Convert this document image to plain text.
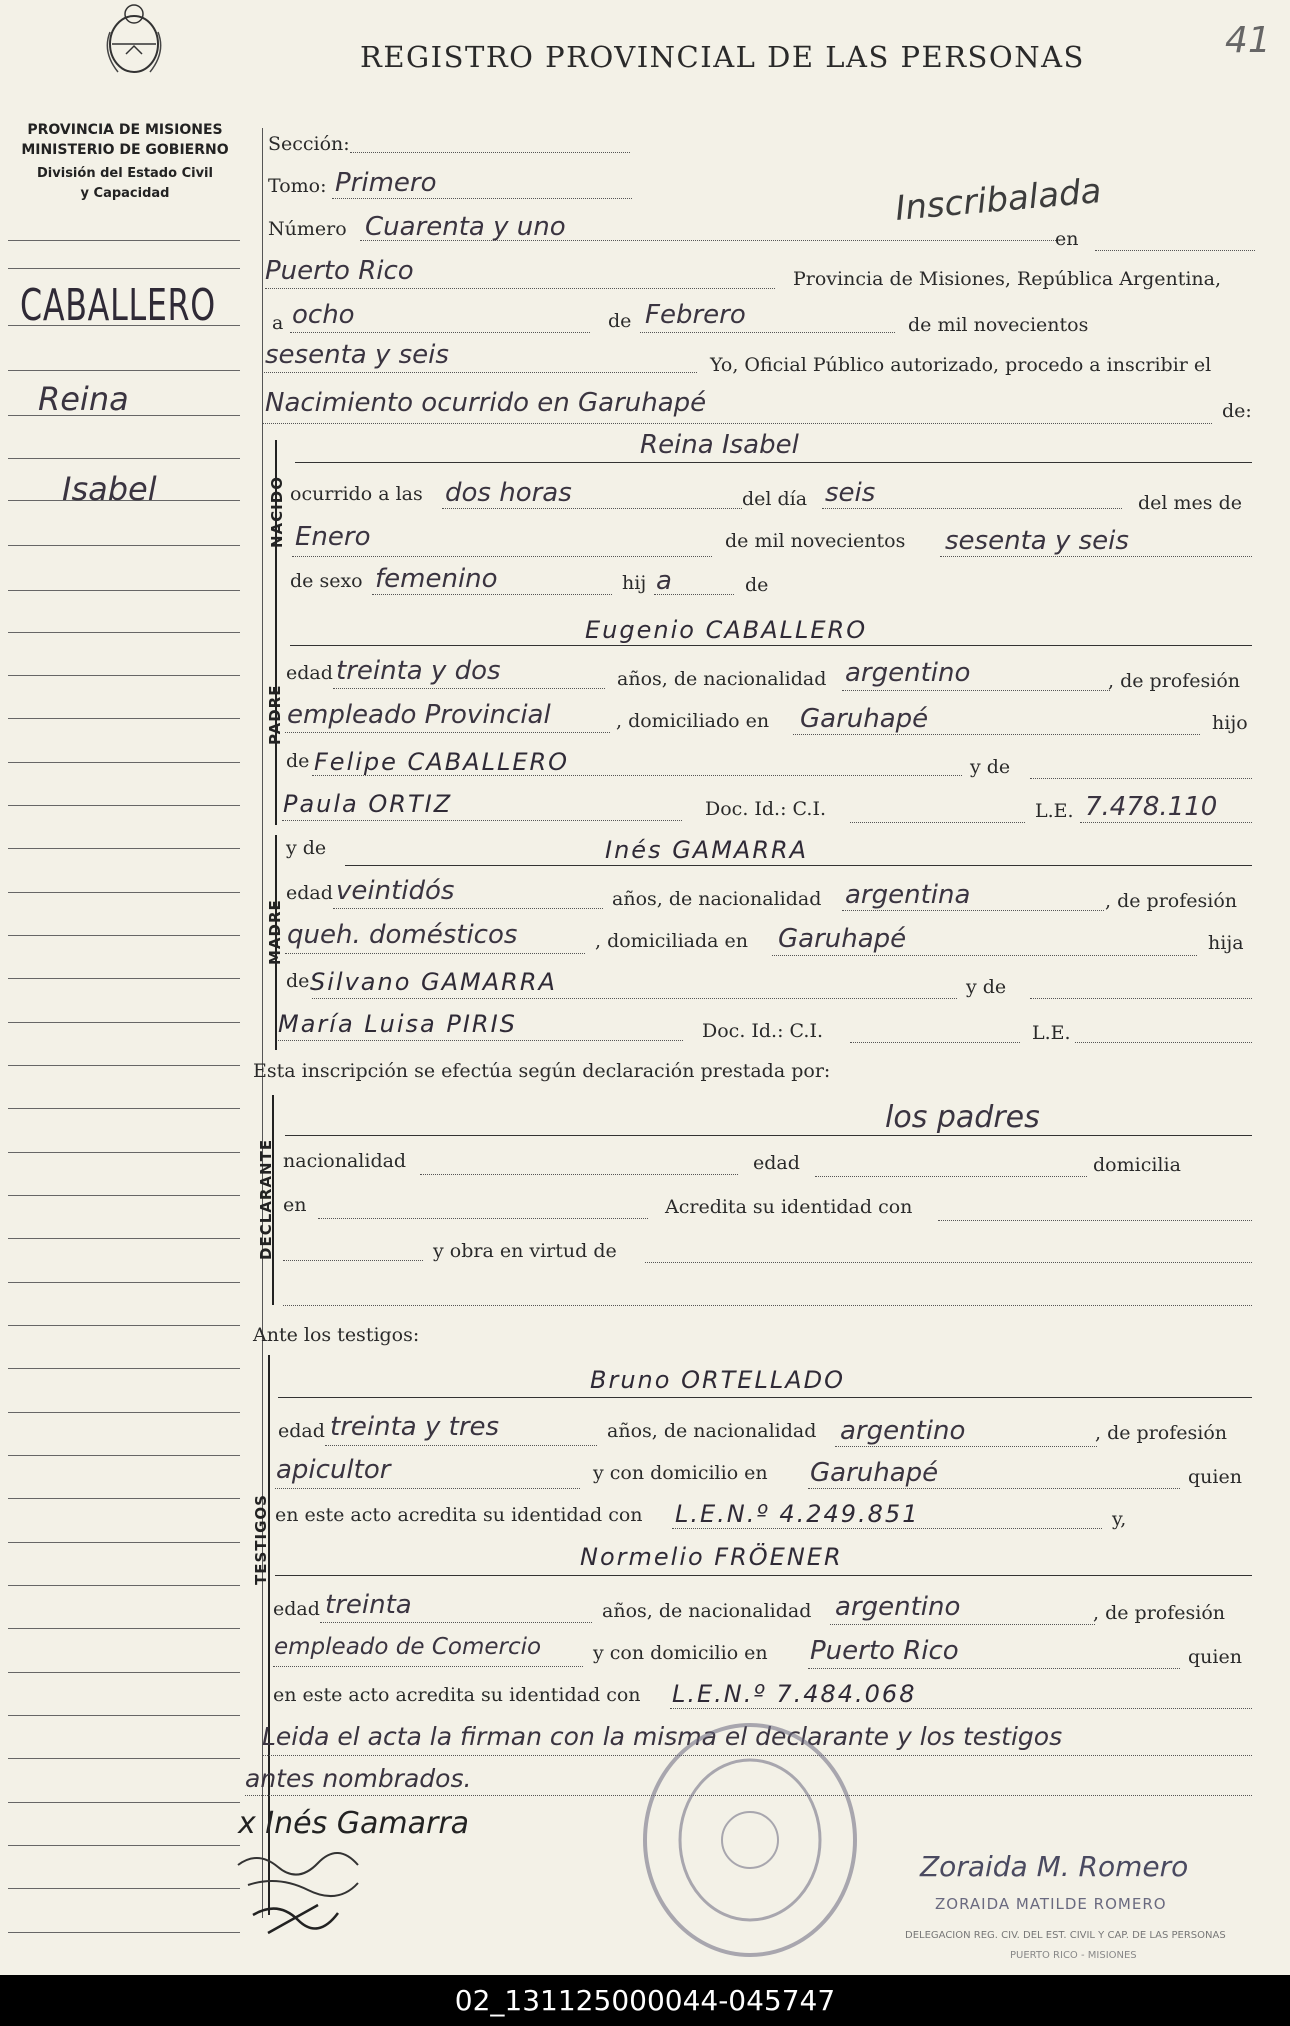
REGISTRO PROVINCIAL DE LAS PERSONAS	41
PROVINCIA DE MISIONES
MINISTERIO DE GOBIERNO
División del Estado Civil
y Capacidad
CABALLERO
Reina
Isabel
Sección:
Tomo: Primero
Número Cuarenta y uno	Inscribalada
en
Puerto Rico	Provincia de Misiones, República Argentina,
a ocho	de Febrero	de mil novecientos
sesenta y seis	Yo, Oficial Público autorizado, procedo a inscribir el
Nacimiento ocurrido en Garuhapé	de:
NACIDO
Reina Isabel
ocurrido a las dos horas	del día seis	del mes de
Enero	de mil novecientos sesenta y seis
de sexo femenino	hij a	de
PADRE
Eugenio CABALLERO
edad treinta y dos	años, de nacionalidad argentino	, de profesión
empleado Provincial	, domiciliado en Garuhapé	hijo
de Felipe CABALLERO	y de
Paula ORTIZ	Doc. Id.: C.I.	L.E. 7.478.110
MADRE
y de	Inés GAMARRA
edad veintidós	años, de nacionalidad argentina	, de profesión
queh. domésticos	, domiciliada en Garuhapé	hija
de Silvano GAMARRA	y de
María Luisa PIRIS	Doc. Id.: C.I.	L.E.
Esta inscripción se efectúa según declaración prestada por:
DECLARANTE
los padres
nacionalidad	edad	domicilia
en	Acredita su identidad con
y obra en virtud de
Ante los testigos:
TESTIGOS
Bruno ORTELLADO
edad treinta y tres	años, de nacionalidad argentino	, de profesión
apicultor	y con domicilio en Garuhapé	quien
en este acto acredita su identidad con L.E.N.º 4.249.851	y,
Normelio FRÖENER
edad treinta	años, de nacionalidad argentino	, de profesión
empleado de Comercio	y con domicilio en Puerto Rico	quien
en este acto acredita su identidad con L.E.N.º 7.484.068
Leida el acta la firman con la misma el declarante y los testigos
antes nombrados.
x Inés Gamarra
Zoraida M. Romero
ZORAIDA MATILDE ROMERO
DELEGACION REG. CIV. DEL EST. CIVIL Y CAP. DE LAS PERSONAS
PUERTO RICO - MISIONES
02_131125000044-045747
